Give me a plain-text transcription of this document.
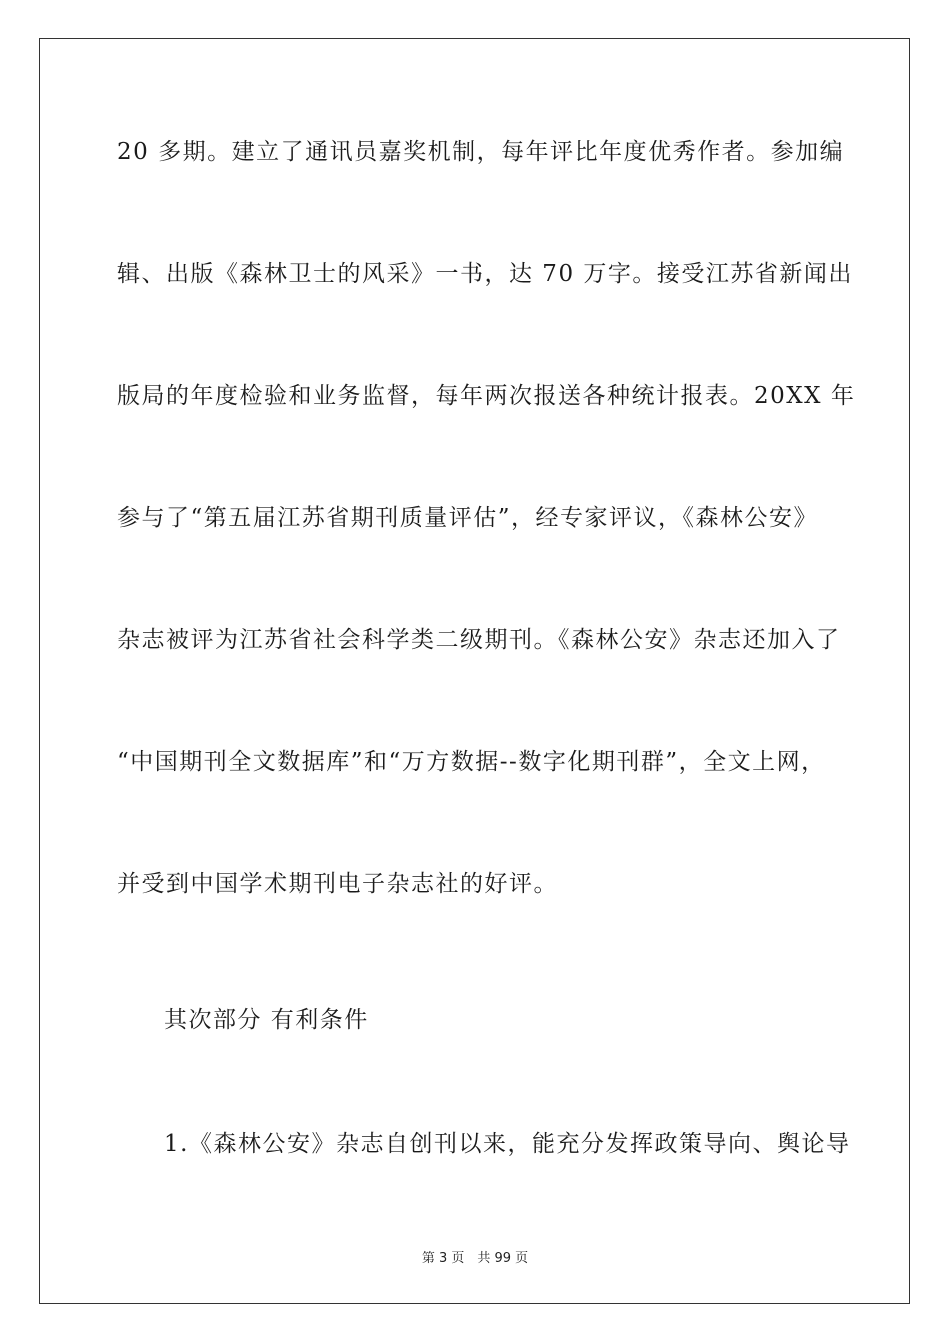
20 多期。建立了通讯员嘉奖机制，每年评比年度优秀作者。参加编
辑、出版《森林卫士的风采》一书，达 70 万字。接受江苏省新闻出
版局的年度检验和业务监督，每年两次报送各种统计报表。20XX 年
参与了“第五届江苏省期刊质量评估”，经专家评议，《森林公安》
杂志被评为江苏省社会科学类二级期刊。《森林公安》杂志还加入了
“中国期刊全文数据库”和“万方数据--数字化期刊群”，全文上网，
并受到中国学术期刊电子杂志社的好评。
其次部分 有利条件
1.《森林公安》杂志自创刊以来，能充分发挥政策导向、舆论导
第 3 页　共 99 页
